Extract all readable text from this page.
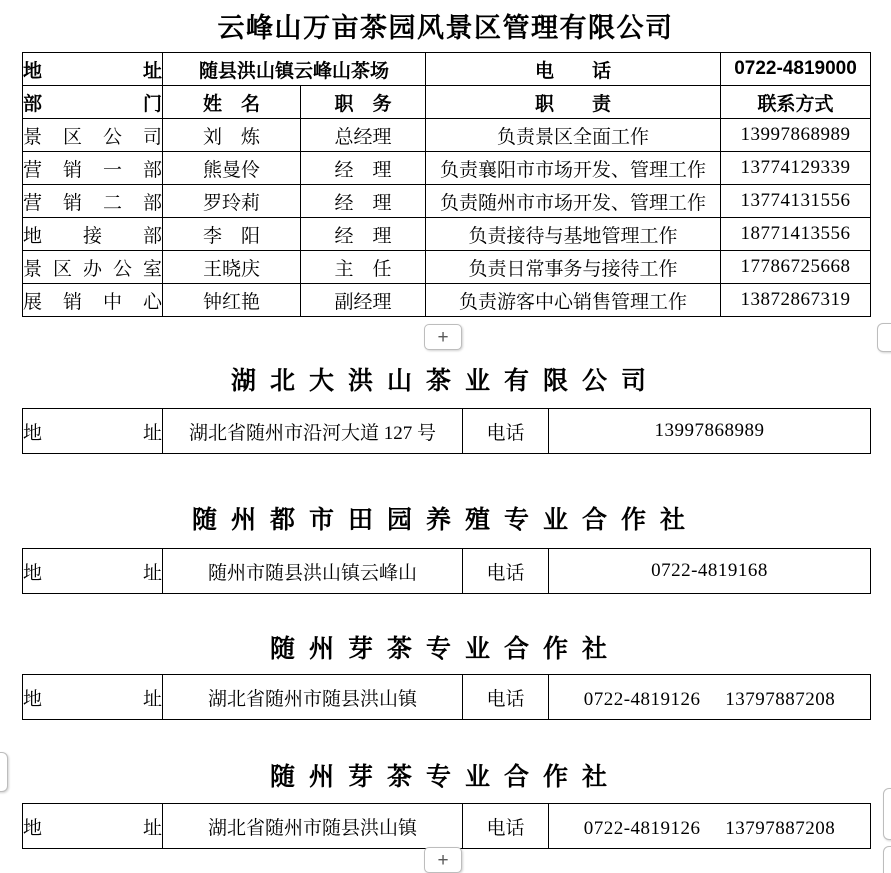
云峰山万亩茶园风景区管理有限公司
地址	随县洪山镇云峰山茶场		电　　话	0722-4819000
部门	姓　名	职　务	职　　责	联系方式
景区公司	刘　炼	总经理	负责景区全面工作	13997868989
营销一部	熊曼伶	经　理	负责襄阳市市场开发、管理工作	13774129339
营销二部	罗玲莉	经　理	负责随州市市场开发、管理工作	13774131556
地接部	李　阳	经　理	负责接待与基地管理工作	18771413556
景区办公室	王晓庆	主　任	负责日常事务与接待工作	17786725668
展销中心	钟红艳	副经理	负责游客中心销售管理工作	13872867319
+
湖北大洪山茶业有限公司
地址	湖北省随州市沿河大道 127 号	电话	13997868989
随州都市田园养殖专业合作社
地址	随州市随县洪山镇云峰山	电话	0722-4819168
随州芽茶专业合作社
地址	湖北省随州市随县洪山镇	电话	0722-4819126　 13797887208
随州芽茶专业合作社
地址	湖北省随州市随县洪山镇	电话	0722-4819126　 13797887208
+
